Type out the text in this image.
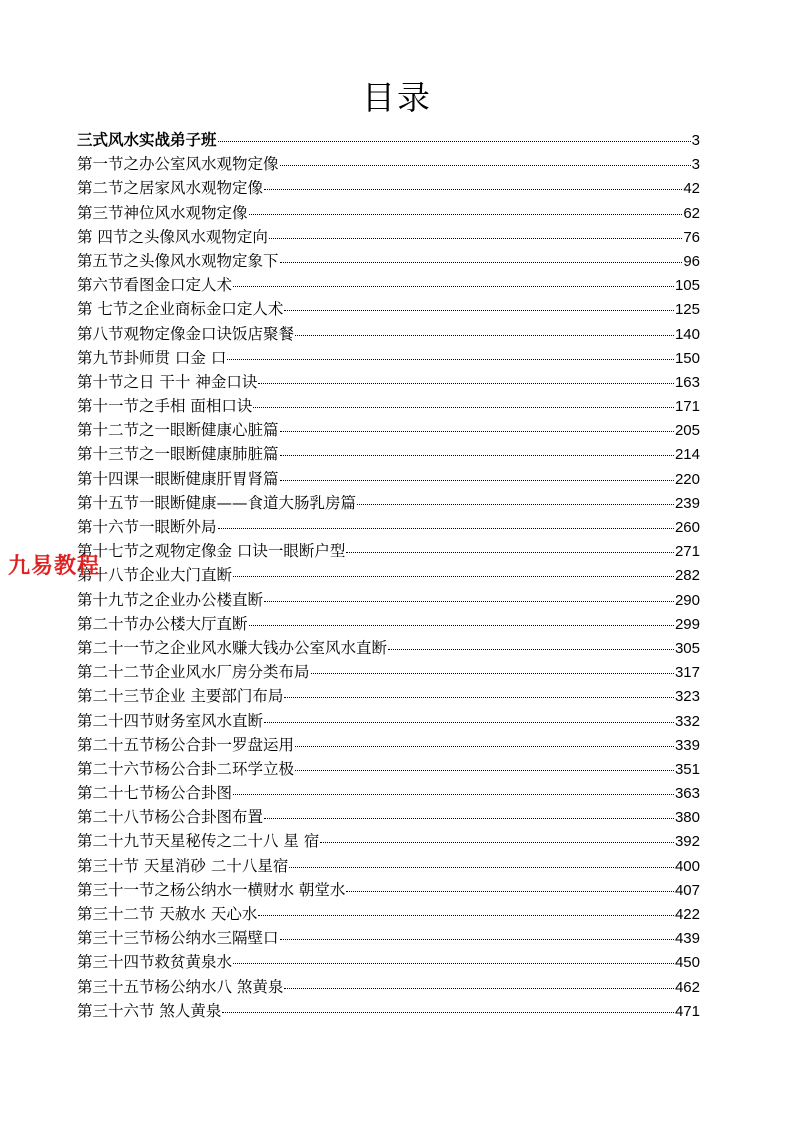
目录
三式风水实战弟子班	3
第一节之办公室风水观物定像	3
第二节之居家风水观物定像	42
第三节神位风水观物定像	62
第 四节之头像风水观物定向	76
第五节之头像风水观物定象下	96
第六节看图金口定人术	105
第 七节之企业商标金口定人术	125
第八节观物定像金口诀饭店聚餐	140
第九节卦师贯 口金 口	150
第十节之日 干十 神金口诀	163
第十一节之手相 面相口诀	171
第十二节之一眼断健康心脏篇	205
第十三节之一眼断健康肺脏篇	214
第十四课一眼断健康肝胃肾篇	220
第十五节一眼断健康——食道大肠乳房篇	239
第十六节一眼断外局	260
第十七节之观物定像金 口诀一眼断户型	271
第十八节企业大门直断	282
第十九节之企业办公楼直断	290
第二十节办公楼大厅直断	299
第二十一节之企业风水赚大钱办公室风水直断	305
第二十二节企业风水厂房分类布局	317
第二十三节企业 主要部门布局	323
第二十四节财务室风水直断	332
第二十五节杨公合卦一罗盘运用	339
第二十六节杨公合卦二环学立极	351
第二十七节杨公合卦图	363
第二十八节杨公合卦图布置	380
第二十九节天星秘传之二十八 星 宿	392
第三十节 天星消砂 二十八星宿	400
第三十一节之杨公纳水一横财水 朝堂水	407
第三十二节 天赦水 天心水	422
第三十三节杨公纳水三隔壁口	439
第三十四节救贫黄泉水	450
第三十五节杨公纳水八 煞黄泉	462
第三十六节 煞人黄泉	471
九易教程
